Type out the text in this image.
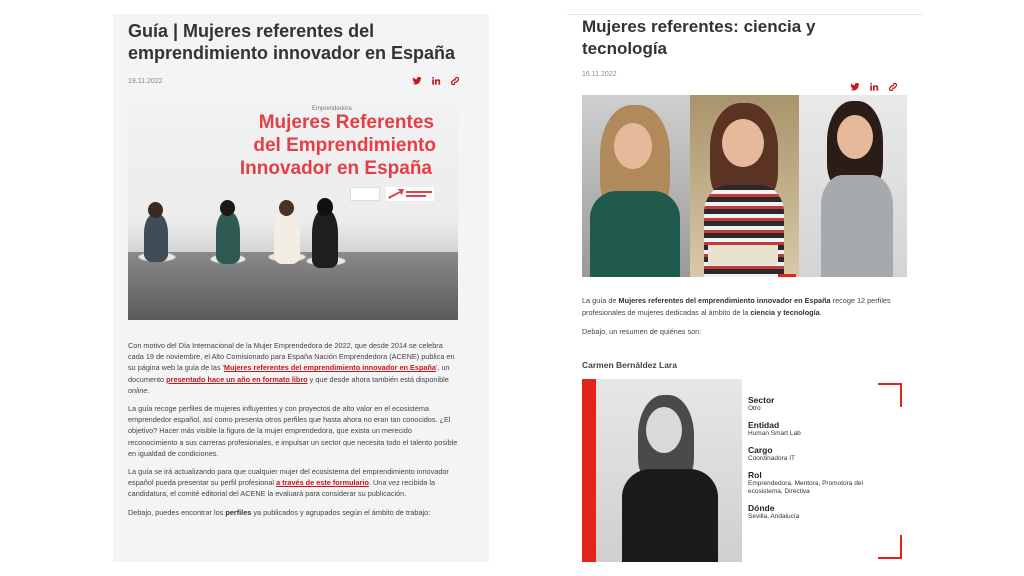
Guía | Mujeres referentes del emprendimiento innovador en España
19.11.2022
Emprendedora
Mujeres Referentes
del Emprendimiento
Innovador en España

Con motivo del Día Internacional de la Mujer Emprendedora de 2022, que desde 2014 se celebra cada 19 de noviembre, el Alto Comisionado para España Nación Emprendedora (ACENE) publica en su página web la guía de las 'Mujeres referentes del emprendimiento innovador en España', un documento presentado hace un año en formato libro y que desde ahora también está disponible online.

La guía recoge perfiles de mujeres influyentes y con proyectos de alto valor en el ecosistema emprendedor español, así como presenta otros perfiles que hasta ahora no eran tan conocidos. ¿El objetivo? Hacer más visible la figura de la mujer emprendedora, que exista un merecido reconocimiento a sus carreras profesionales, e impulsar un sector que necesita todo el talento posible en igualdad de condiciones.

La guía se irá actualizando para que cualquier mujer del ecosistema del emprendimiento innovador español pueda presentar su perfil profesional a través de este formulario. Una vez recibida la candidatura, el comité editorial del ACENE la evaluará para considerar su publicación.

Debajo, puedes encontrar los perfiles ya publicados y agrupados según el ámbito de trabajo:

Mujeres referentes: ciencia y tecnología
16.11.2022

La guía de Mujeres referentes del emprendimiento innovador en España recoge 12 perfiles profesionales de mujeres dedicadas al ámbito de la ciencia y tecnología.

Debajo, un resumen de quiénes son:

Carmen Bernáldez Lara
Sector
Otro
Entidad
Human Smart Lab
Cargo
Coordinadora IT
Rol
Emprendedora, Mentora, Promotora del ecosistema, Directiva
Dónde
Sevilla, Andalucía
